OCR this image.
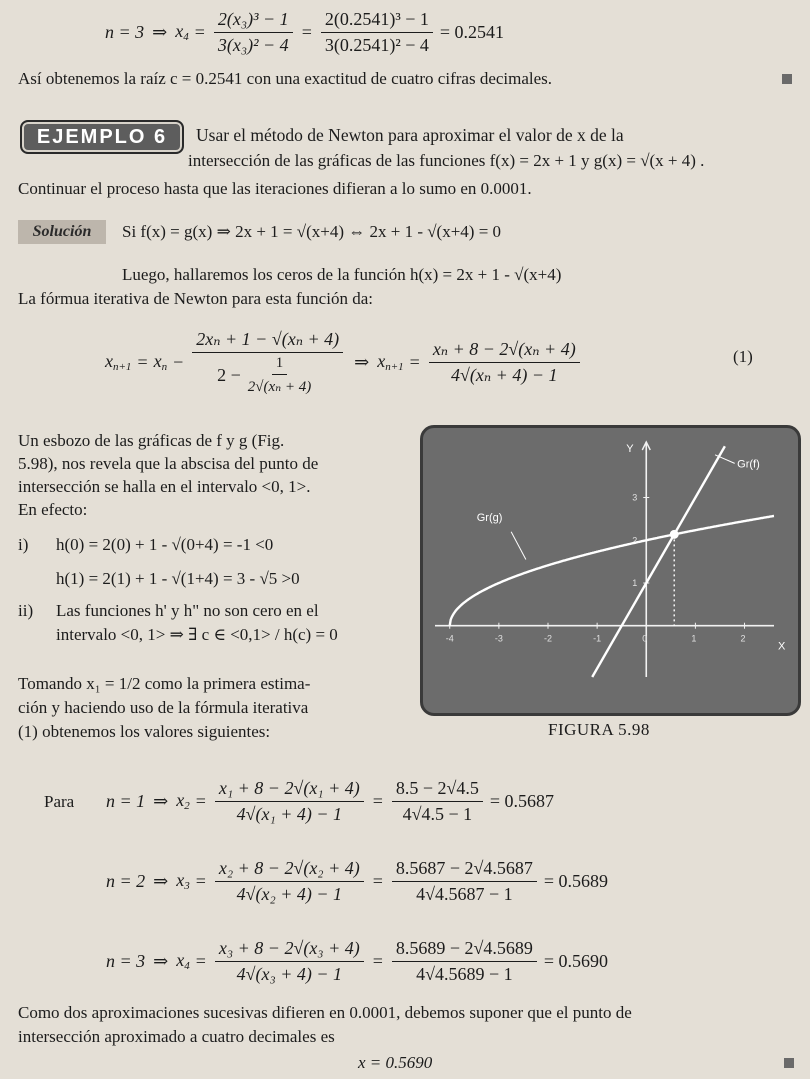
n = 3 ⇒ $x_4 = \frac{\text{2(x₃)³ − 1}}{\text{3(x₃)² − 4}} = \frac{\text{2(0.2541)³ − 1}}{\text{3(0.2541)² − 4}} = 0.2541$
Así obtenemos la raíz c = 0.2541 con una exactitud de cuatro cifras decimales.
EJEMPLO 6	Usar el método de Newton para aproximar el valor de x de la
intersección de las gráficas de las funciones f(x) = 2x + 1 y g(x) = √(x + 4) .
Continuar el proceso hasta que las iteraciones difieran a lo sumo en 0.0001.
Solución	Si f(x) = g(x) ⇒ 2x + 1 = √(x+4) ⇔ 2x + 1 - √(x+4) = 0
Luego, hallaremos los ceros de la función h(x) = 2x + 1 - √(x+4)
La fórmua iterativa de Newton para esta función da:
$x_{n+1} = x_n - \frac{\text{2xₙ + 1 − √(xₙ + 4)}}{2 - \frac{1}{\text{2√(xₙ + 4)}}}$ ⇒ $x_{n+1} = \frac{\text{xₙ + 8 − 2√(xₙ + 4)}}{\text{4√(xₙ + 4) − 1}}$	(1)
Un esbozo de las gráficas de f y g (Fig.
5.98), nos revela que la abscisa del punto de
intersección se halla en el intervalo <0, 1>.
En efecto:
i) h(0) = 2(0) + 1 - √(0+4) = -1 <0
h(1) = 2(1) + 1 - √(1+4) = 3 - √5 >0
ii) Las funciones h' y h" no son cero en el
intervalo <0, 1> ⇒ ∃ c ∈ <0,1> / h(c) = 0
Tomando x₁ = 1/2 como la primera estima-
ción y haciendo uso de la fórmula iterativa
(1) obtenemos los valores siguientes:
Y
X
-4	-3	-2	-1	0	1	2
1
2
3
Gr(f)
Gr(g)
FIGURA 5.98
Para n = 1 ⇒ $x_2 = \frac{\text{x₁ + 8 − 2√(x₁ + 4)}}{\text{4√(x₁ + 4) − 1}} = \frac{8.5 - 2√4.5}{4√4.5 - 1} = 0.5687$
n = 2 ⇒ $x_3 = \frac{\text{x₂ + 8 − 2√(x₂ + 4)}}{\text{4√(x₂ + 4) − 1}} = \frac{8.5687 - 2√4.5687}{4√4.5687 - 1} = 0.5689$
n = 3 ⇒ $x_4 = \frac{\text{x₃ + 8 − 2√(x₃ + 4)}}{\text{4√(x₃ + 4) − 1}} = \frac{8.5689 - 2√4.5689}{4√4.5689 - 1} = 0.5690$
Como dos aproximaciones sucesivas difieren en 0.0001, debemos suponer que el punto de
intersección aproximado a cuatro decimales es
x = 0.5690
